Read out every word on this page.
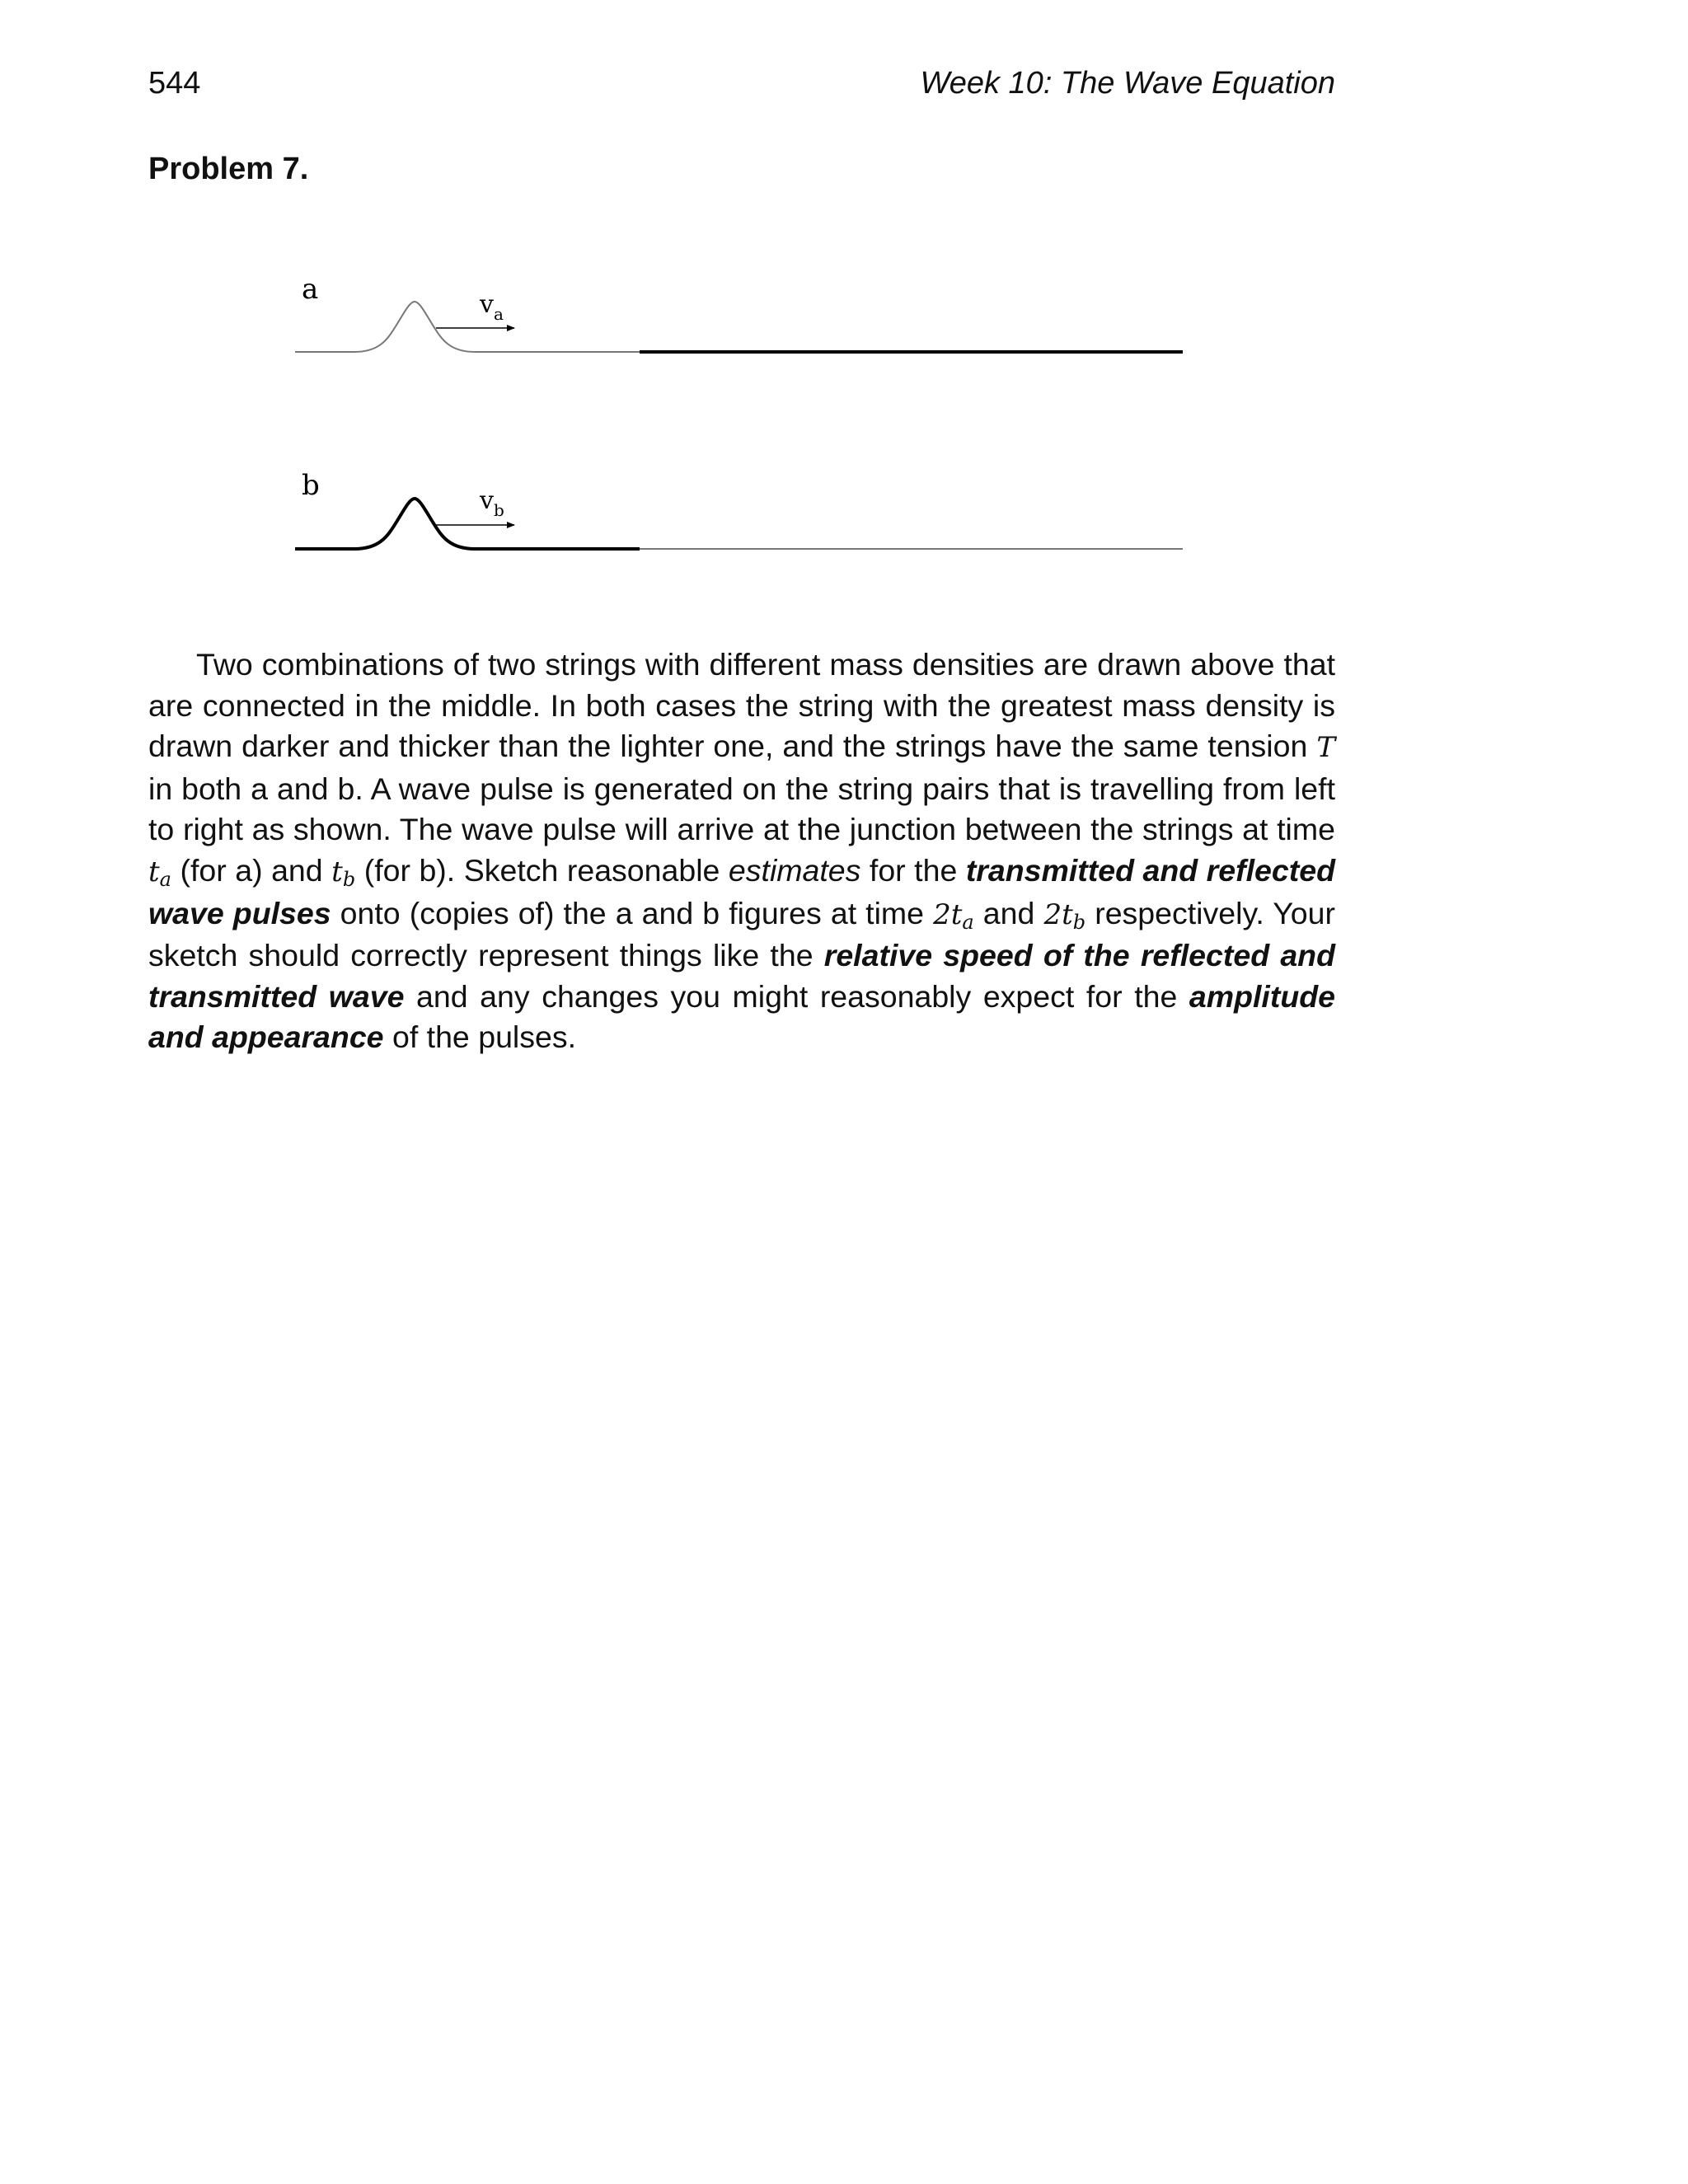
544	Week 10: The Wave Equation
Problem 7.
a	$v_a$
b	$v_b$

Two combinations of two strings with different mass densities are drawn above that are connected in the middle. In both cases the string with the greatest mass density is drawn darker and thicker than the lighter one, and the strings have the same tension T in both a and b. A wave pulse is generated on the string pairs that is travelling from left to right as shown. The wave pulse will arrive at the junction between the strings at time $t_a$ (for a) and $t_b$ (for b). Sketch reasonable estimates for the transmitted and reflected wave pulses onto (copies of) the a and b figures at time $2t_a$ and $2t_b$ respectively. Your sketch should correctly represent things like the relative speed of the reflected and transmitted wave and any changes you might reasonably expect for the amplitude and appearance of the pulses.
